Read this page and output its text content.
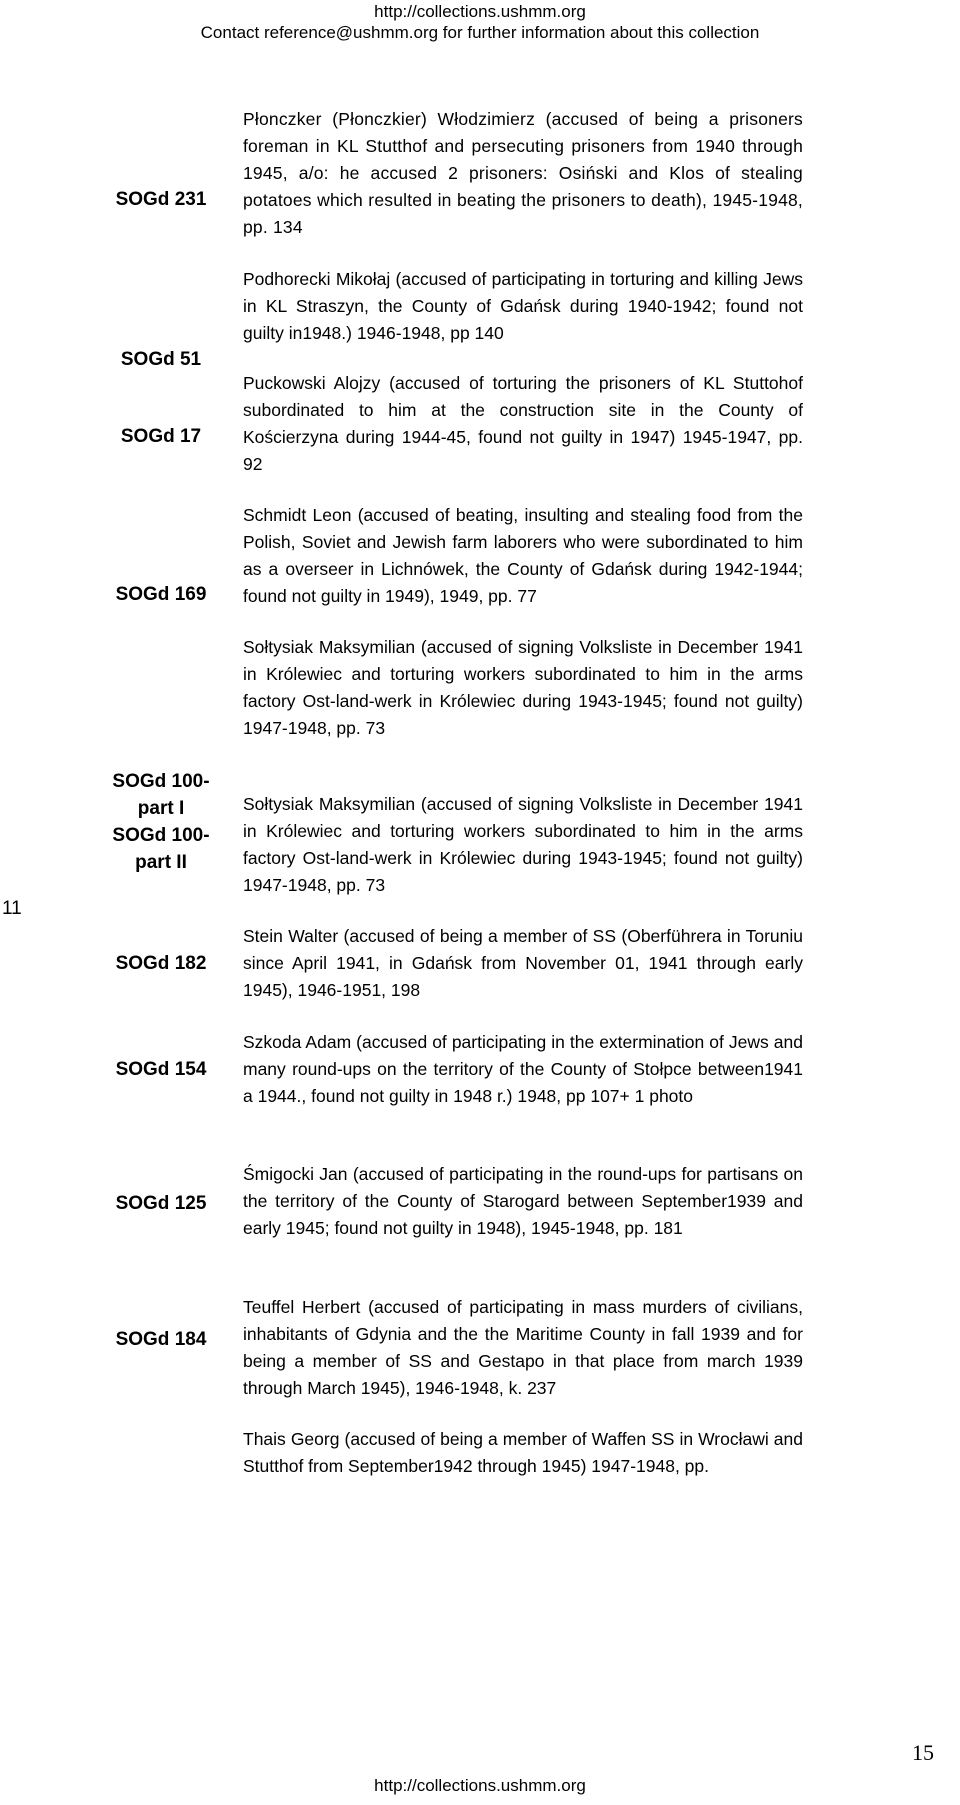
http://collections.ushmm.org
Contact reference@ushmm.org for further information about this collection
11
SOGd 231
SOGd 51
SOGd 17
SOGd 169
SOGd 100-
part I
SOGd 100-
part II
SOGd 182
SOGd 154
SOGd 125
SOGd 184
Płonczker (Płonczkier) Włodzimierz (accused of being a prisoners foreman in KL Stutthof and persecuting prisoners from 1940 through 1945, a/o: he accused 2 prisoners: Osiński and Klos of stealing potatoes which resulted in beating the prisoners to death), 1945-1948, pp. 134
Podhorecki Mikołaj (accused of participating in torturing and killing Jews in KL Straszyn, the County of Gdańsk during 1940-1942; found not guilty in1948.) 1946-1948, pp 140
Puckowski Alojzy (accused of torturing the prisoners of KL Stuttohof subordinated to him at the construction site in the County of Kościerzyna during 1944-45, found not guilty in 1947) 1945-1947, pp. 92
Schmidt Leon (accused of beating, insulting and stealing food from the Polish, Soviet and Jewish farm laborers who were subordinated to him as a overseer in Lichnówek, the County of Gdańsk during 1942-1944; found not guilty in 1949), 1949, pp. 77
Sołtysiak Maksymilian (accused of signing Volksliste in December 1941 in Królewiec and torturing workers subordinated to him in the arms factory Ost-land-werk in Królewiec during 1943-1945; found not guilty) 1947-1948, pp. 73
Sołtysiak Maksymilian (accused of signing Volksliste in December 1941 in Królewiec and torturing workers subordinated to him in the arms factory Ost-land-werk in Królewiec during 1943-1945; found not guilty) 1947-1948, pp. 73
Stein Walter (accused of being a member of SS (Oberführera in Toruniu since April 1941, in Gdańsk from November 01, 1941 through early 1945), 1946-1951, 198
Szkoda Adam (accused of participating in the extermination of Jews and many round-ups on the territory of the County of Stołpce between1941 a 1944., found not guilty in 1948 r.) 1948, pp 107+ 1 photo
Śmigocki Jan (accused of participating in the round-ups for partisans on the territory of the County of Starogard between September1939 and early 1945; found not guilty in 1948), 1945-1948, pp. 181
Teuffel Herbert (accused of participating in mass murders of civilians, inhabitants of Gdynia and the the Maritime County in fall 1939 and for being a member of SS and Gestapo in that place from march 1939 through March 1945), 1946-1948, k. 237
Thais Georg (accused of being a member of Waffen SS in Wrocławi and Stutthof from September1942 through 1945) 1947-1948, pp.
15
http://collections.ushmm.org
